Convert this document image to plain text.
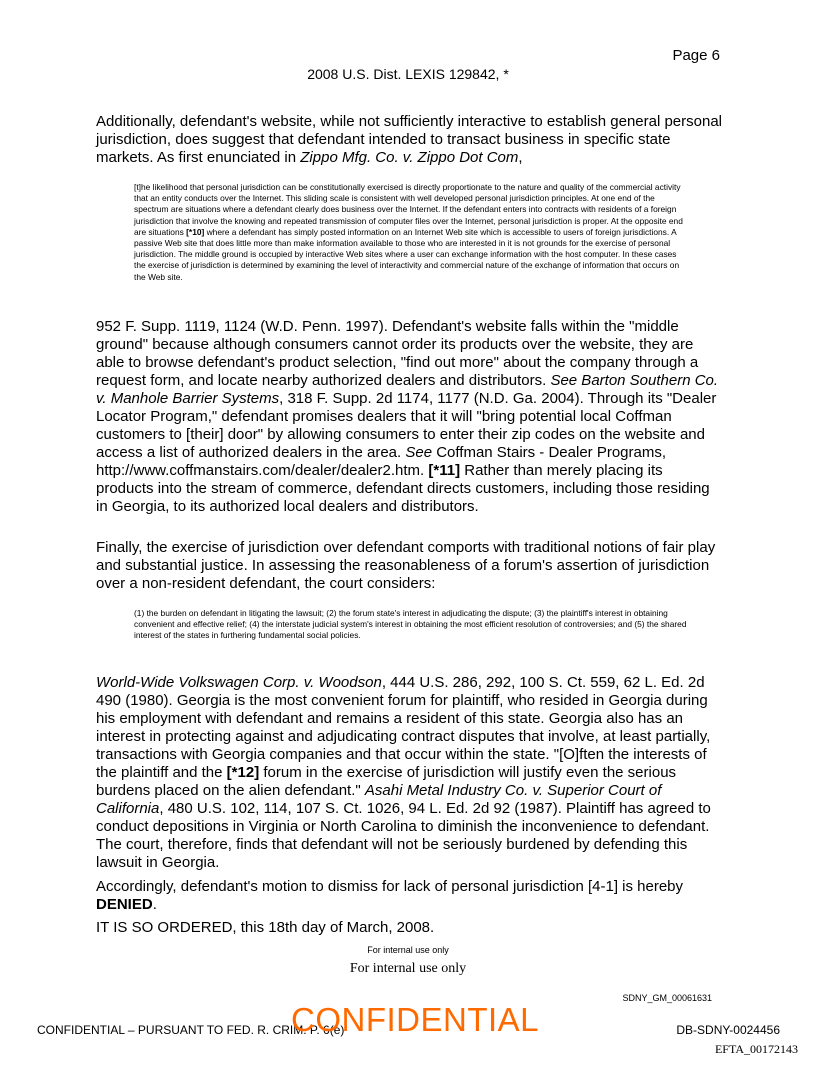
Page 6
2008 U.S. Dist. LEXIS 129842, *

Additionally, defendant's website, while not sufficiently interactive to establish general personal jurisdiction, does suggest that defendant intended to transact business in specific state markets. As first enunciated in Zippo Mfg. Co. v. Zippo Dot Com,

[t]he likelihood that personal jurisdiction can be constitutionally exercised is directly proportionate to the nature and quality of the commercial activity that an entity conducts over the Internet. This sliding scale is consistent with well developed personal jurisdiction principles. At one end of the spectrum are situations where a defendant clearly does business over the Internet. If the defendant enters into contracts with residents of a foreign jurisdiction that involve the knowing and repeated transmission of computer files over the Internet, personal jurisdiction is proper. At the opposite end are situations [*10] where a defendant has simply posted information on an Internet Web site which is accessible to users of foreign jurisdictions. A passive Web site that does little more than make information available to those who are interested in it is not grounds for the exercise of personal jurisdiction. The middle ground is occupied by interactive Web sites where a user can exchange information with the host computer. In these cases the exercise of jurisdiction is determined by examining the level of interactivity and commercial nature of the exchange of information that occurs on the Web site.

952 F. Supp. 1119, 1124 (W.D. Penn. 1997). Defendant's website falls within the "middle ground" because although consumers cannot order its products over the website, they are able to browse defendant's product selection, "find out more" about the company through a request form, and locate nearby authorized dealers and distributors. See Barton Southern Co. v. Manhole Barrier Systems, 318 F. Supp. 2d 1174, 1177 (N.D. Ga. 2004). Through its "Dealer Locator Program," defendant promises dealers that it will "bring potential local Coffman customers to [their] door" by allowing consumers to enter their zip codes on the website and access a list of authorized dealers in the area. See Coffman Stairs - Dealer Programs, http://www.coffmanstairs.com/dealer/dealer2.htm. [*11] Rather than merely placing its products into the stream of commerce, defendant directs customers, including those residing in Georgia, to its authorized local dealers and distributors.

Finally, the exercise of jurisdiction over defendant comports with traditional notions of fair play and substantial justice. In assessing the reasonableness of a forum's assertion of jurisdiction over a non-resident defendant, the court considers:

(1) the burden on defendant in litigating the lawsuit; (2) the forum state's interest in adjudicating the dispute; (3) the plaintiff's interest in obtaining convenient and effective relief; (4) the interstate judicial system's interest in obtaining the most efficient resolution of controversies; and (5) the shared interest of the states in furthering fundamental social policies.

World-Wide Volkswagen Corp. v. Woodson, 444 U.S. 286, 292, 100 S. Ct. 559, 62 L. Ed. 2d 490 (1980). Georgia is the most convenient forum for plaintiff, who resided in Georgia during his employment with defendant and remains a resident of this state. Georgia also has an interest in protecting against and adjudicating contract disputes that involve, at least partially, transactions with Georgia companies and that occur within the state. "[O]ften the interests of the plaintiff and the [*12] forum in the exercise of jurisdiction will justify even the serious burdens placed on the alien defendant." Asahi Metal Industry Co. v. Superior Court of California, 480 U.S. 102, 114, 107 S. Ct. 1026, 94 L. Ed. 2d 92 (1987). Plaintiff has agreed to conduct depositions in Virginia or North Carolina to diminish the inconvenience to defendant. The court, therefore, finds that defendant will not be seriously burdened by defending this lawsuit in Georgia.

Accordingly, defendant's motion to dismiss for lack of personal jurisdiction [4-1] is hereby DENIED.

IT IS SO ORDERED, this 18th day of March, 2008.

For internal use only
For internal use only
SDNY_GM_00061631
CONFIDENTIAL – PURSUANT TO FED. R. CRIM. P. 6(e)
CONFIDENTIAL	DB-SDNY-0024456
EFTA_00172143
